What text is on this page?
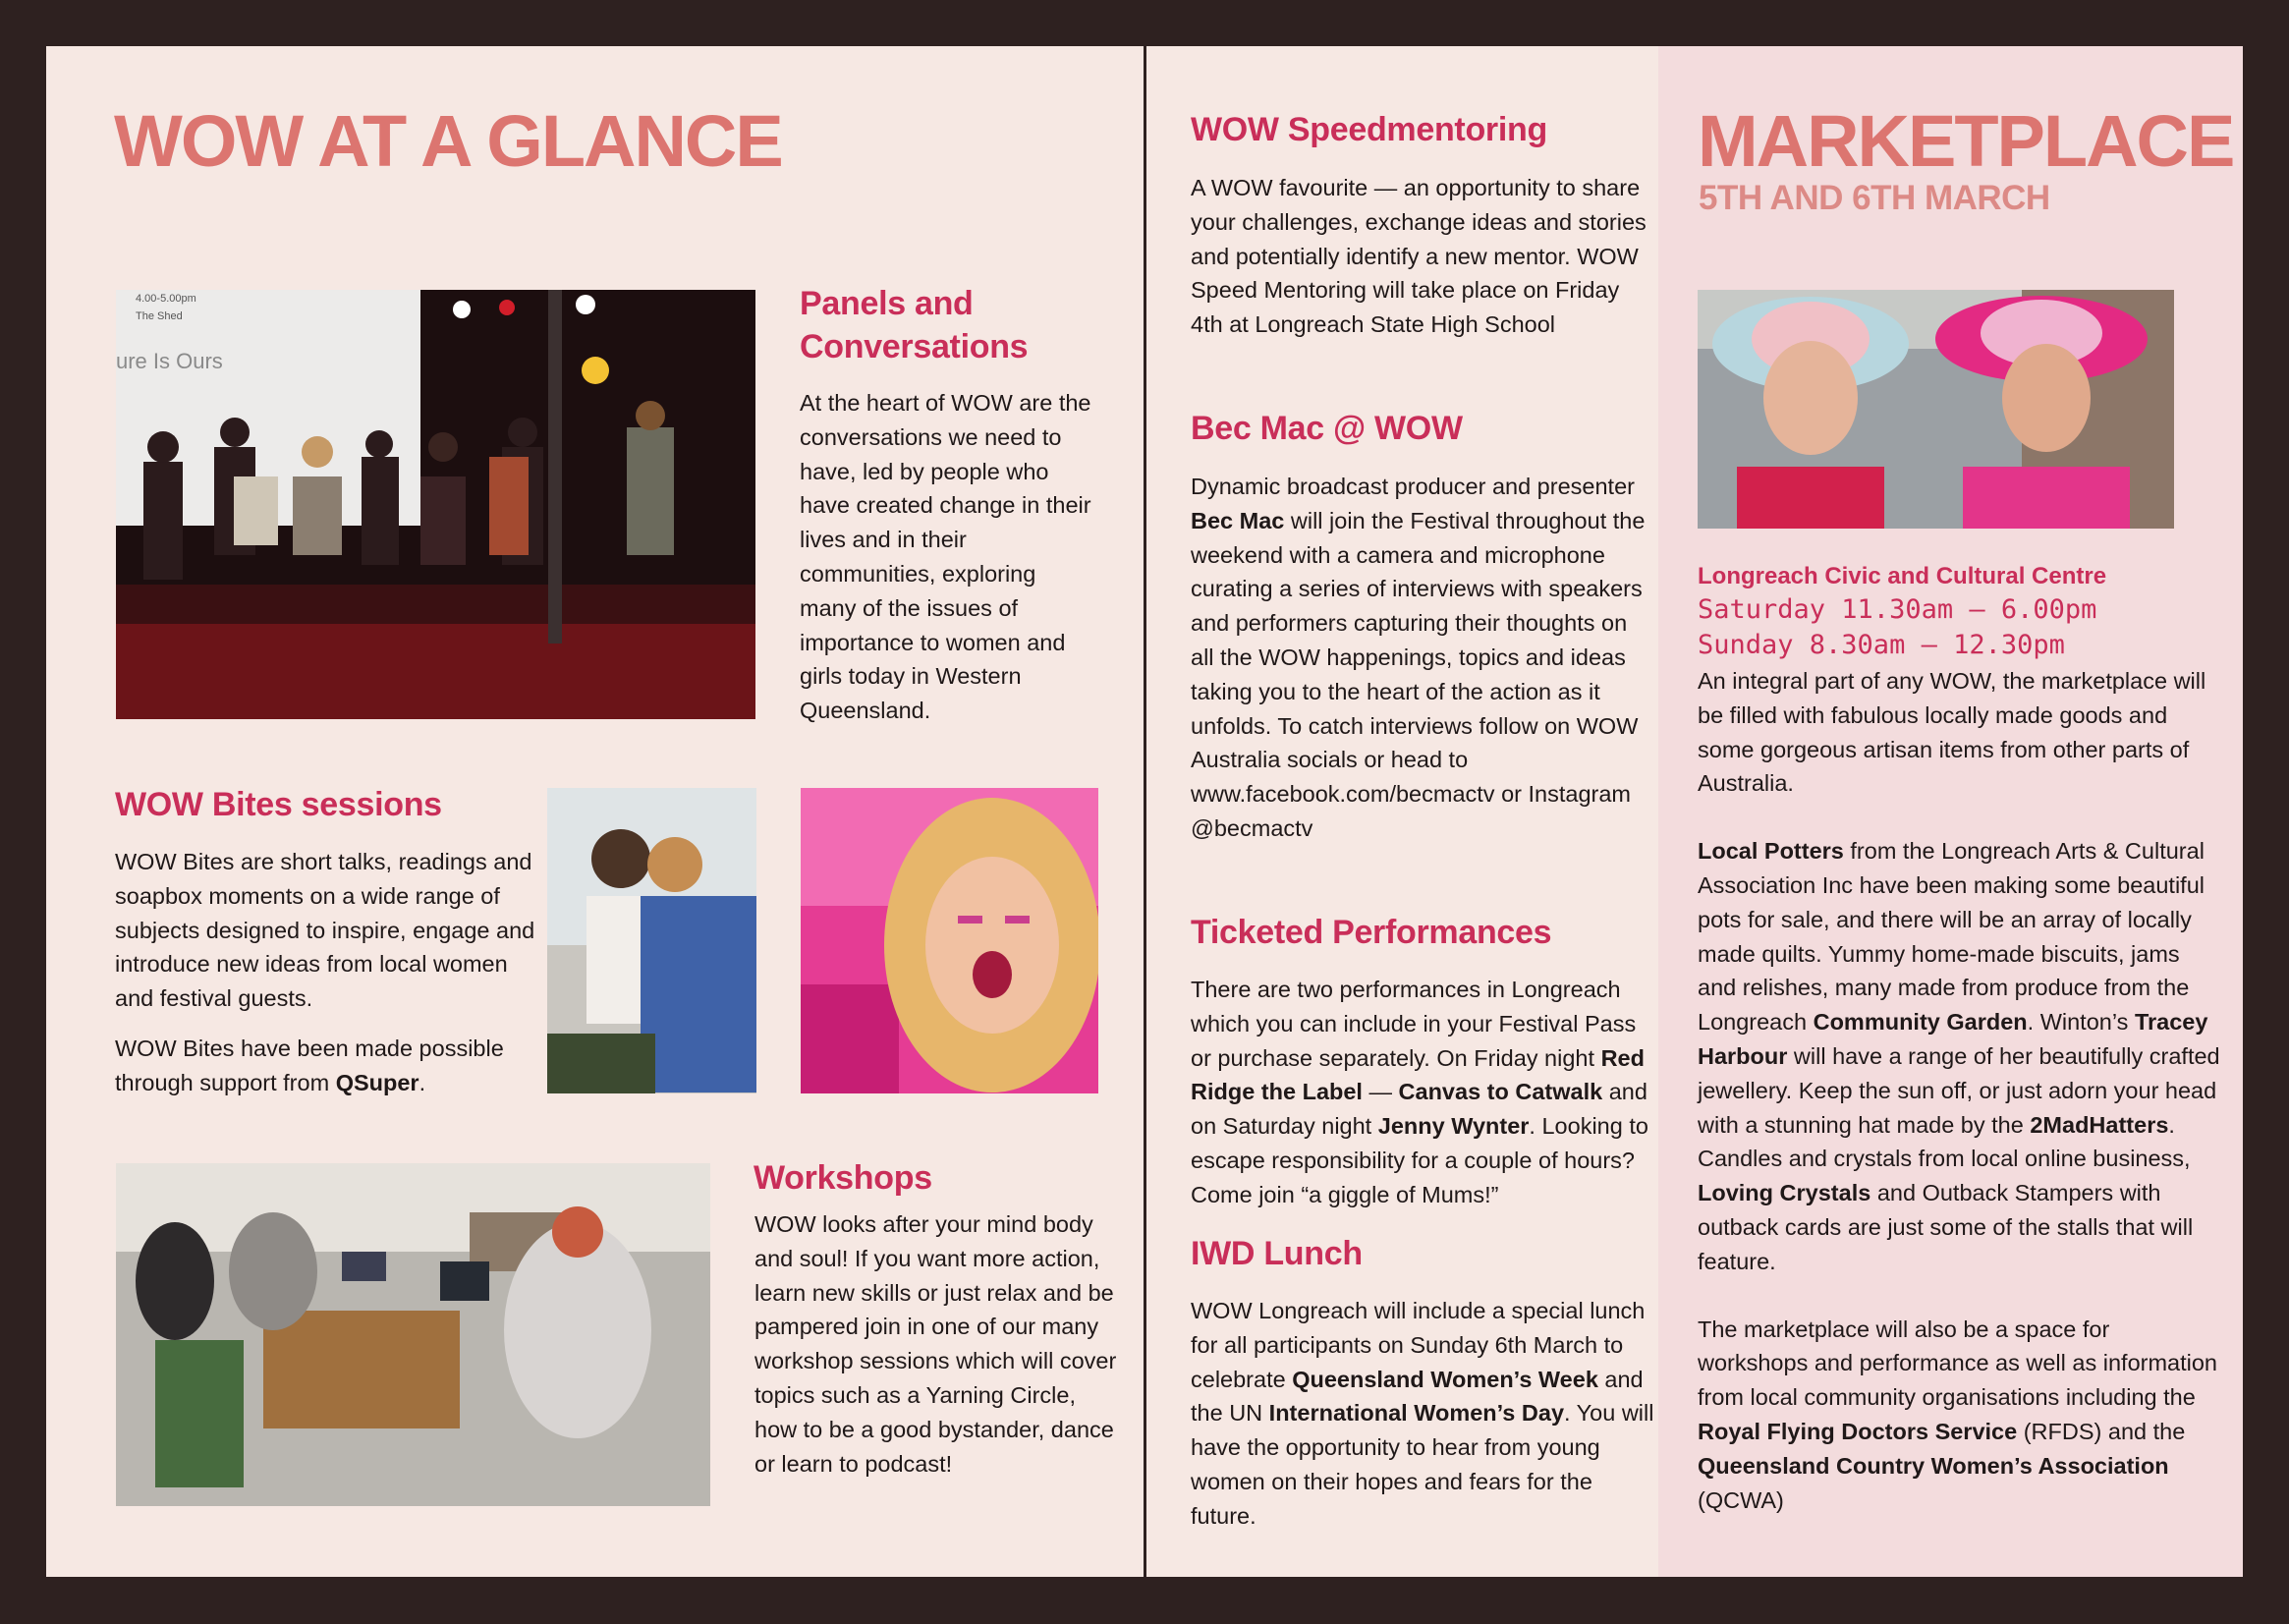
WOW AT A GLANCE
4.00-5.00pm
The Shed
ure Is Ours
Panels and
Conversations
At the heart of WOW are the conversations we need to have, led by people who have created change in their lives and in their communities, exploring many of the issues of importance to women and girls today in Western Queensland.
WOW Bites sessions

WOW Bites are short talks, readings and soapbox moments on a wide range of subjects designed to inspire, engage and introduce new ideas from local women and festival guests.

WOW Bites have been made possible through support from QSuper.

Workshops
WOW looks after your mind body and soul! If you want more action, learn new skills or just relax and be pampered join in one of our many workshop sessions which will cover topics such as a Yarning Circle, how to be a good bystander, dance or learn to podcast!
WOW Speedmentoring
A WOW favourite — an opportunity to share your challenges, exchange ideas and stories and potentially identify a new mentor. WOW Speed Mentoring will take place on Friday 4th at Longreach State High School
Bec Mac @ WOW
Dynamic broadcast producer and presenter Bec Mac will join the Festival throughout the weekend with a camera and microphone curating a series of interviews with speakers and performers capturing their thoughts on all the WOW happenings, topics and ideas taking you to the heart of the action as it unfolds. To catch interviews follow on WOW Australia socials or head to www.facebook.com/becmactv or Instagram @becmactv
Ticketed Performances
There are two performances in Longreach which you can include in your Festival Pass or purchase separately. On Friday night Red Ridge the Label — Canvas to Catwalk and on Saturday night Jenny Wynter. Looking to escape responsibility for a couple of hours? Come join “a giggle of Mums!”
IWD Lunch
WOW Longreach will include a special lunch for all participants on Sunday 6th March to celebrate Queensland Women’s Week and the UN International Women’s Day. You will have the opportunity to hear from young women on their hopes and fears for the future.
MARKETPLACE
5TH AND 6TH MARCH
Longreach Civic and Cultural Centre
Saturday 11.30am – 6.00pm
Sunday 8.30am – 12.30pm

An integral part of any WOW, the marketplace will be filled with fabulous locally made goods and some gorgeous artisan items from other parts of Australia.

Local Potters from the Longreach Arts & Cultural Association Inc have been making some beautiful pots for sale, and there will be an array of locally made quilts. Yummy home-made biscuits, jams and relishes, many made from produce from the Longreach Community Garden. Winton’s Tracey Harbour will have a range of her beautifully crafted jewellery. Keep the sun off, or just adorn your head with a stunning hat made by the 2MadHatters. Candles and crystals from local online business, Loving Crystals and Outback Stampers with outback cards are just some of the stalls that will feature.

The marketplace will also be a space for workshops and performance as well as information from local community organisations including the Royal Flying Doctors Service (RFDS) and the Queensland Country Women’s Association (QCWA)
